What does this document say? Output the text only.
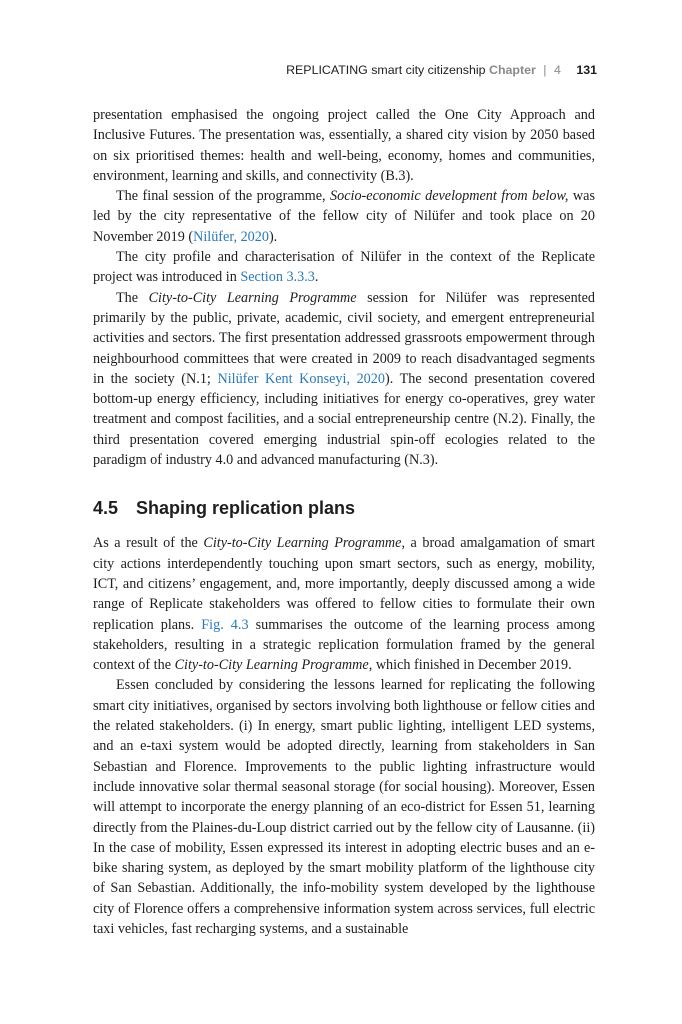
REPLICATING smart city citizenship Chapter | 4 131

presentation emphasised the ongoing project called the One City Approach and Inclusive Futures. The presentation was, essentially, a shared city vision by 2050 based on six prioritised themes: health and well-being, economy, homes and communities, environment, learning and skills, and connectivity (B.3).

The final session of the programme, Socio-economic development from below, was led by the city representative of the fellow city of Nilüfer and took place on 20 November 2019 (Nilüfer, 2020).

The city profile and characterisation of Nilüfer in the context of the Replicate project was introduced in Section 3.3.3.

The City-to-City Learning Programme session for Nilüfer was represented primarily by the public, private, academic, civil society, and emergent entrepreneurial activities and sectors. The first presentation addressed grassroots empowerment through neighbourhood committees that were created in 2009 to reach disadvantaged segments in the society (N.1; Nilüfer Kent Konseyi, 2020). The second presentation covered bottom-up energy efficiency, including initiatives for energy co-operatives, grey water treatment and compost facilities, and a social entrepreneurship centre (N.2). Finally, the third presentation covered emerging industrial spin-off ecologies related to the paradigm of industry 4.0 and advanced manufacturing (N.3).

4.5 Shaping replication plans

As a result of the City-to-City Learning Programme, a broad amalgamation of smart city actions interdependently touching upon smart sectors, such as energy, mobility, ICT, and citizens’ engagement, and, more importantly, deeply discussed among a wide range of Replicate stakeholders was offered to fellow cities to formulate their own replication plans. Fig. 4.3 summarises the outcome of the learning process among stakeholders, resulting in a strategic replication formulation framed by the general context of the City-to-City Learning Programme, which finished in December 2019.

Essen concluded by considering the lessons learned for replicating the following smart city initiatives, organised by sectors involving both lighthouse or fellow cities and the related stakeholders. (i) In energy, smart public lighting, intelligent LED systems, and an e-taxi system would be adopted directly, learning from stakeholders in San Sebastian and Florence. Improvements to the public lighting infrastructure would include innovative solar thermal seasonal storage (for social housing). Moreover, Essen will attempt to incorporate the energy planning of an eco-district for Essen 51, learning directly from the Plaines-du-Loup district carried out by the fellow city of Lausanne. (ii) In the case of mobility, Essen expressed its interest in adopting electric buses and an e-bike sharing system, as deployed by the smart mobility platform of the lighthouse city of San Sebastian. Additionally, the info-mobility system developed by the lighthouse city of Florence offers a comprehensive information system across services, full electric taxi vehicles, fast recharging systems, and a sustainable
